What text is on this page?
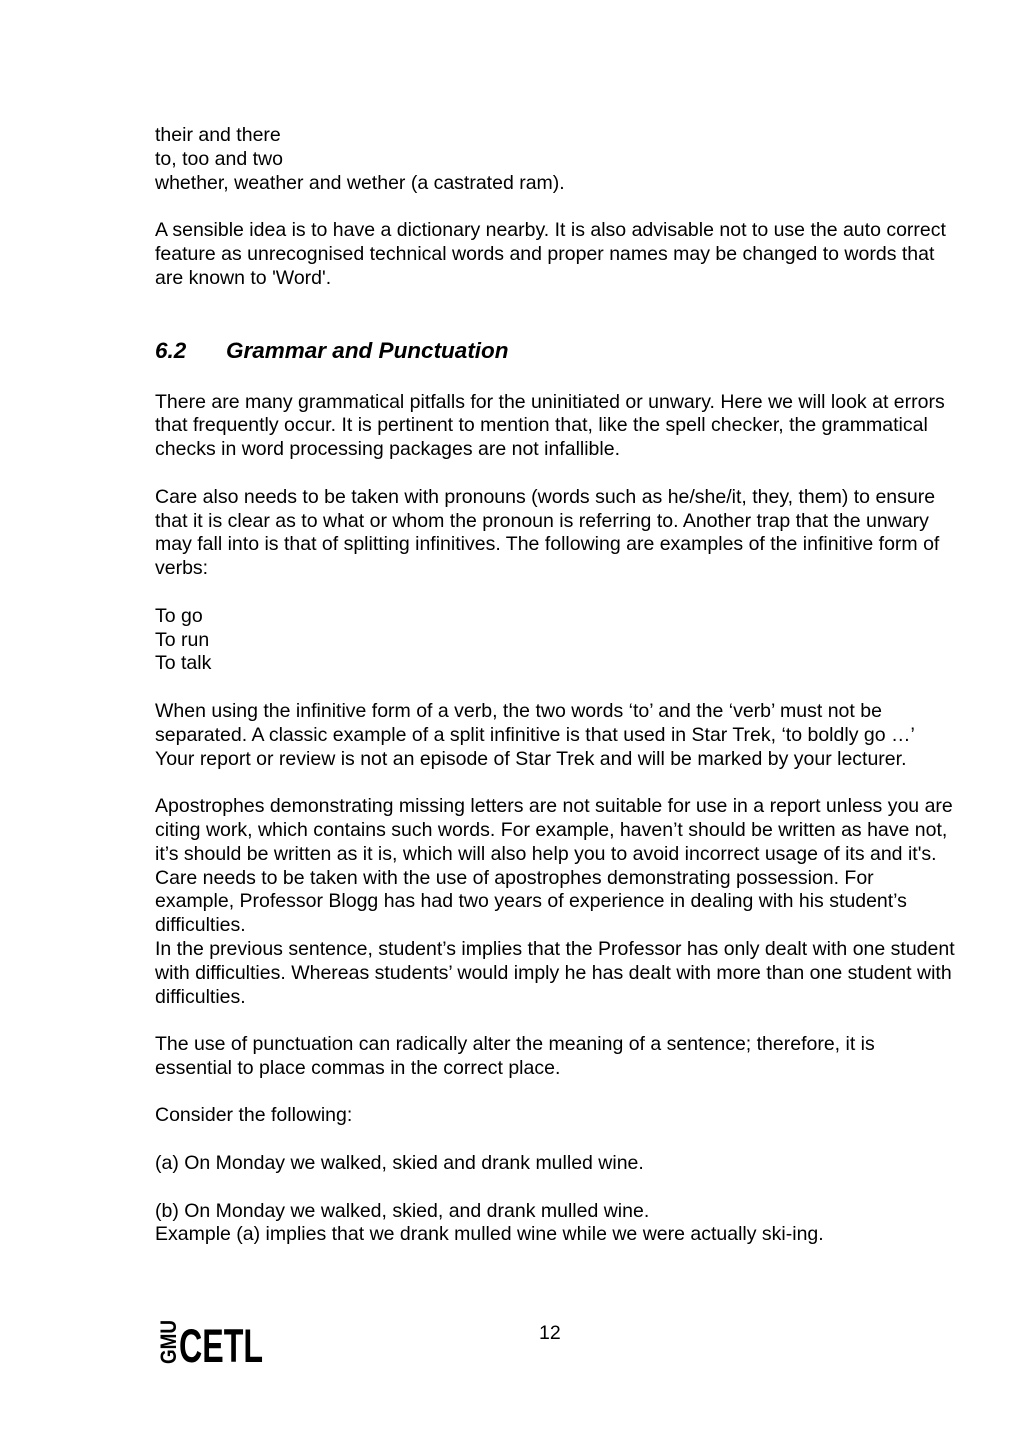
their and there

to, too and two

whether, weather and wether (a castrated ram).

A sensible idea is to have a dictionary nearby. It is also advisable not to use the auto correct feature as unrecognised technical words and proper names may be changed to words that are known to 'Word'.

6.2 Grammar and Punctuation

There are many grammatical pitfalls for the uninitiated or unwary. Here we will look at errors that frequently occur. It is pertinent to mention that, like the spell checker, the grammatical checks in word processing packages are not infallible.

Care also needs to be taken with pronouns (words such as he/she/it, they, them) to ensure that it is clear as to what or whom the pronoun is referring to. Another trap that the unwary may fall into is that of splitting infinitives. The following are examples of the infinitive form of verbs:

To go

To run

To talk

When using the infinitive form of a verb, the two words ‘to’ and the ‘verb’ must not be separated. A classic example of a split infinitive is that used in Star Trek, ‘to boldly go …’ Your report or review is not an episode of Star Trek and will be marked by your lecturer.

Apostrophes demonstrating missing letters are not suitable for use in a report unless you are citing work, which contains such words. For example, haven’t should be written as have not, it’s should be written as it is, which will also help you to avoid incorrect usage of its and it's. Care needs to be taken with the use of apostrophes demonstrating possession. For example, Professor Blogg has had two years of experience in dealing with his student’s difficulties.

In the previous sentence, student’s implies that the Professor has only dealt with one student with difficulties. Whereas students’ would imply he has dealt with more than one student with difficulties.

The use of punctuation can radically alter the meaning of a sentence; therefore, it is essential to place commas in the correct place.

Consider the following:

(a) On Monday we walked, skied and drank mulled wine.

(b) On Monday we walked, skied, and drank mulled wine.

Example (a) implies that we drank mulled wine while we were actually ski-ing.

GMU
CETL	12
